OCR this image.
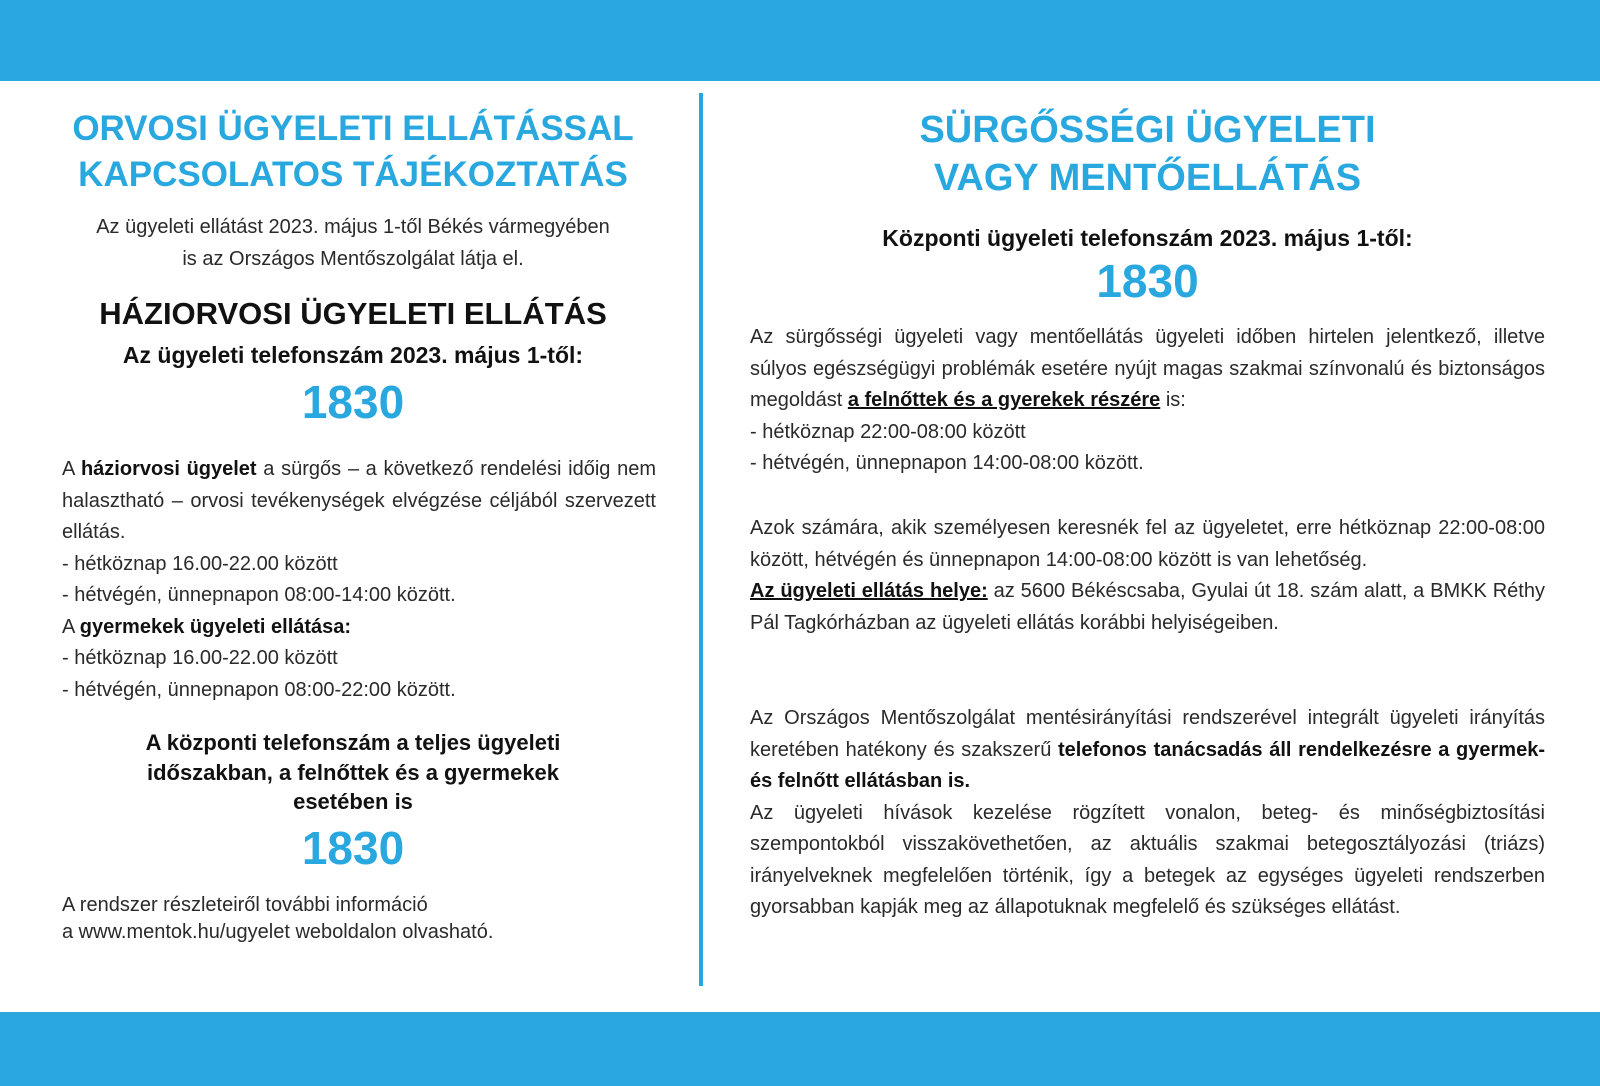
ORVOSI ÜGYELETI ELLÁTÁSSAL
KAPCSOLATOS TÁJÉKOZTATÁS
Az ügyeleti ellátást 2023. május 1-től Békés vármegyében
is az Országos Mentőszolgálat látja el.
HÁZIORVOSI ÜGYELETI ELLÁTÁS
Az ügyeleti telefonszám 2023. május 1-től:
1830
A háziorvosi ügyelet a sürgős – a következő rendelési időig nem halasztható – orvosi tevékenységek elvégzése céljából szervezett ellátás.
- hétköznap 16.00-22.00 között
- hétvégén, ünnepnapon 08:00-14:00 között.
A gyermekek ügyeleti ellátása:
- hétköznap 16.00-22.00 között
- hétvégén, ünnepnapon 08:00-22:00 között.
A központi telefonszám a teljes ügyeleti
időszakban, a felnőttek és a gyermekek
esetében is
1830
A rendszer részleteiről további információ
a www.mentok.hu/ugyelet weboldalon olvasható.
SÜRGŐSSÉGI ÜGYELETI
VAGY MENTŐELLÁTÁS
Központi ügyeleti telefonszám 2023. május 1-től:
1830
Az sürgősségi ügyeleti vagy mentőellátás ügyeleti időben hirtelen jelentkező, illetve súlyos egészségügyi problémák esetére nyújt magas szakmai színvonalú és biztonságos megoldást a felnőttek és a gyerekek részére is:
- hétköznap 22:00-08:00 között
- hétvégén, ünnepnapon 14:00-08:00 között.
Azok számára, akik személyesen keresnék fel az ügyeletet, erre hétköznap 22:00-08:00 között, hétvégén és ünnepnapon 14:00-08:00 között is van lehetőség.
Az ügyeleti ellátás helye: az 5600 Békéscsaba, Gyulai út 18. szám alatt, a BMKK Réthy Pál Tagkórházban az ügyeleti ellátás korábbi helyiségeiben.
Az Országos Mentőszolgálat mentésirányítási rendszerével integrált ügyeleti irányítás keretében hatékony és szakszerű telefonos tanácsadás áll rendelkezésre a gyermek- és felnőtt ellátásban is.
Az ügyeleti hívások kezelése rögzített vonalon, beteg- és minőségbiztosítási szempontokból visszakövethetően, az aktuális szakmai betegosztályozási (triázs) irányelveknek megfelelően történik, így a betegek az egységes ügyeleti rendszerben gyorsabban kapják meg az állapotuknak megfelelő és szükséges ellátást.
